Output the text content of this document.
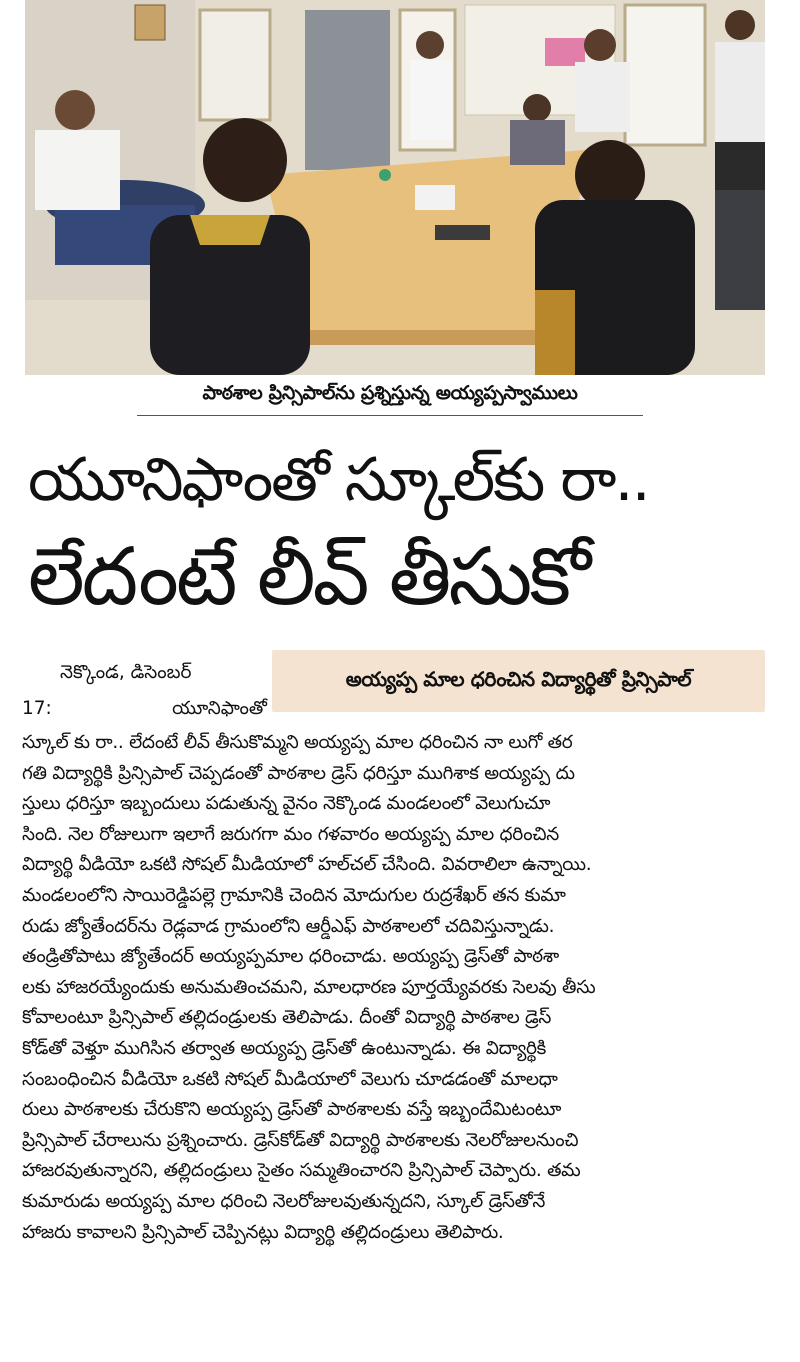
పాఠశాల ప్రిన్సిపాల్‌ను ప్రశ్నిస్తున్న అయ్యప్పస్వాములు
యూనిఫాంతో స్కూల్‌కు రా..
లేదంటే లీవ్ తీసుకో
అయ్యప్ప మాల ధరించిన విద్యార్థితో ప్రిన్సిపాల్
నెక్కొండ, డిసెంబర్
17:	యూనిఫాంతో
స్కూల్ కు రా.. లేదంటే లీవ్ తీసుకొమ్మని అయ్యప్ప మాల ధరించిన నా లుగో తర
గతి విద్యార్థికి ప్రిన్సిపాల్ చెప్పడంతో పాఠశాల డ్రెస్ ధరిస్తూ ముగిశాక అయ్యప్ప దు
స్తులు ధరిస్తూ ఇబ్బందులు పడుతున్న వైనం నెక్కొండ మండలంలో వెలుగుచూ
సింది. నెల రోజులుగా ఇలాగే జరుగగా మం గళవారం అయ్యప్ప మాల ధరించిన
విద్యార్థి వీడియో ఒకటి సోషల్ మీడియాలో హల్‌చల్ చేసింది. వివరాలిలా ఉన్నాయి.
మండలంలోని సాయిరెడ్డిపల్లె గ్రామానికి చెందిన మోదుగుల రుద్రశేఖర్ తన కుమా
రుడు జ్యోతేందర్‌ను రెడ్లవాడ గ్రామంలోని ఆర్డీఎఫ్ పాఠశాలలో చదివిస్తున్నాడు.
తండ్రితోపాటు జ్యోతేందర్ అయ్యప్పమాల ధరించాడు. అయ్యప్ప డ్రెస్‌తో పాఠశా
లకు హాజరయ్యేందుకు అనుమతించమని, మాలధారణ పూర్తయ్యేవరకు సెలవు తీసు
కోవాలంటూ ప్రిన్సిపాల్ తల్లిదండ్రులకు తెలిపాడు. దీంతో విద్యార్థి పాఠశాల డ్రెస్
కోడ్‌తో వెళ్తూ ముగిసిన తర్వాత అయ్యప్ప డ్రెస్‌తో ఉంటున్నాడు. ఈ విద్యార్థికి
సంబంధించిన వీడియో ఒకటి సోషల్ మీడియాలో వెలుగు చూడడంతో మాలధా
రులు పాఠశాలకు చేరుకొని అయ్యప్ప డ్రెస్‌తో పాఠశాలకు వస్తే ఇబ్బందేమిటంటూ
ప్రిన్సిపాల్ చేరాలును ప్రశ్నించారు. డ్రెస్‌కోడ్‌తో విద్యార్థి పాఠశాలకు నెలరోజులనుంచి
హాజరవుతున్నారని, తల్లిదండ్రులు సైతం సమ్మతించారని ప్రిన్సిపాల్ చెప్పారు. తమ
కుమారుడు అయ్యప్ప మాల ధరించి నెలరోజులవుతున్నదని, స్కూల్ డ్రెస్‌తోనే
హాజరు కావాలని ప్రిన్సిపాల్ చెప్పినట్లు విద్యార్థి తల్లిదండ్రులు తెలిపారు.
